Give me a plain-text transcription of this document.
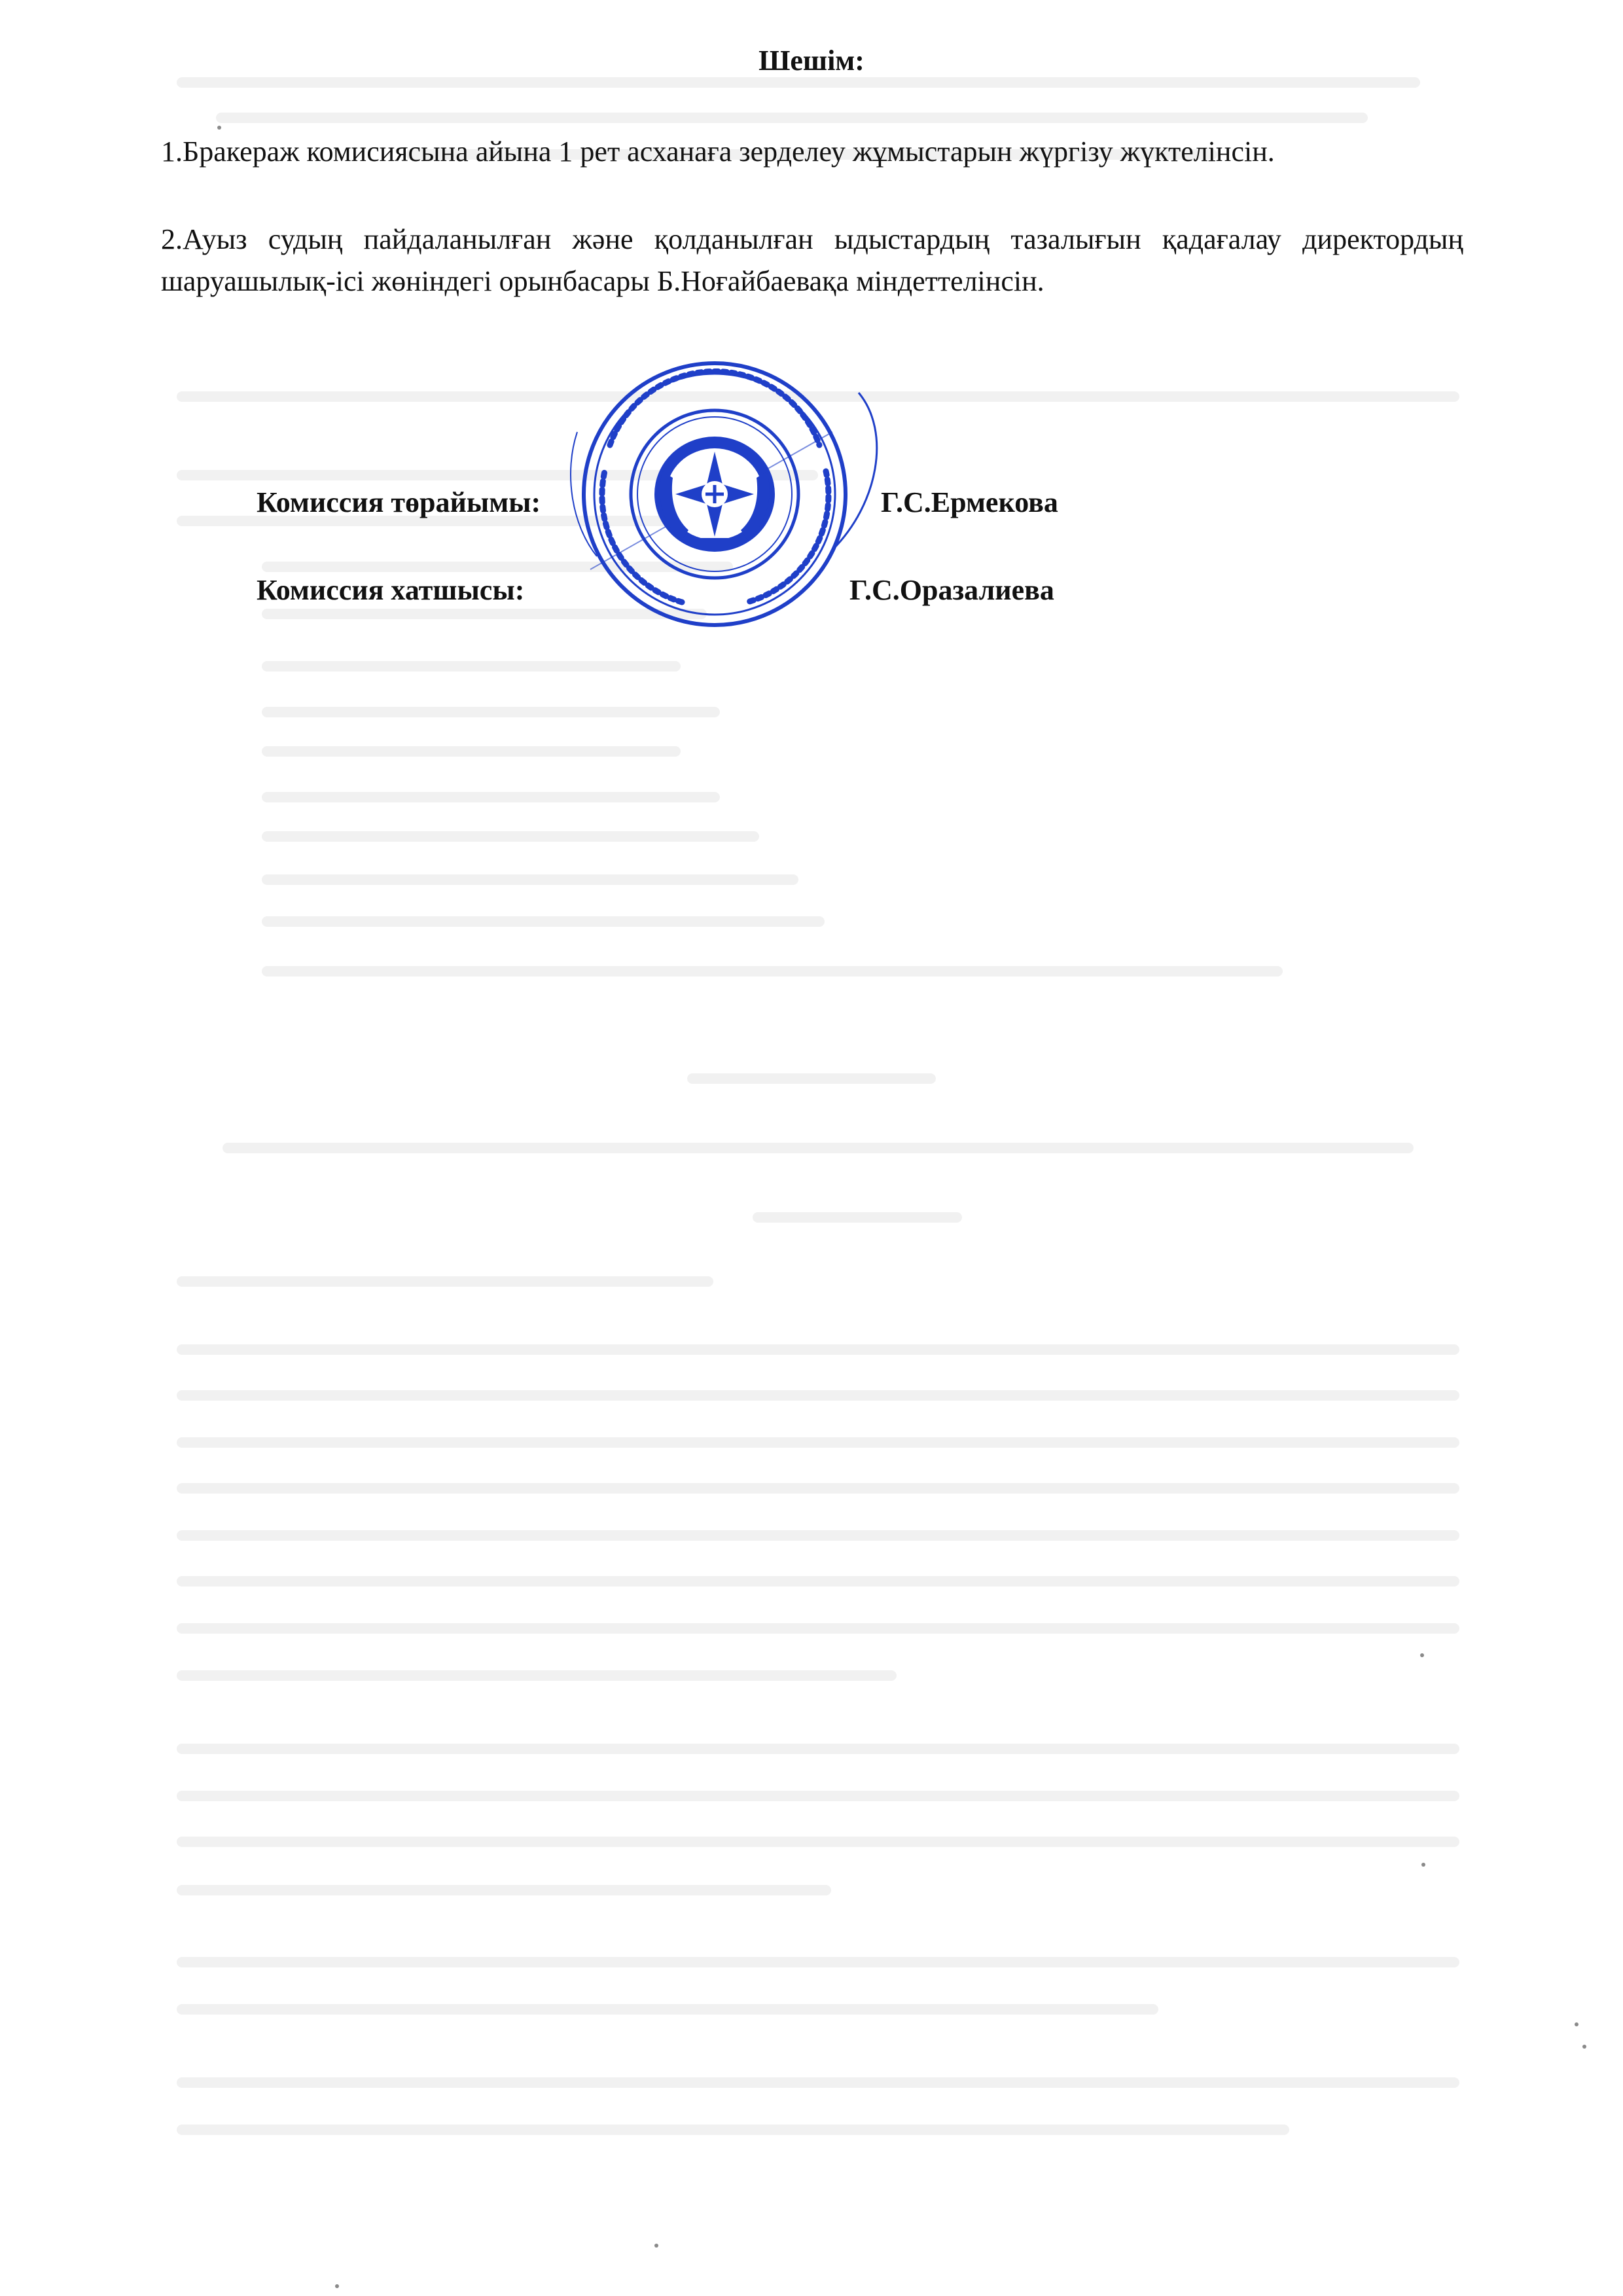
Шешім:
1.Бракераж комисиясына айына 1 рет асханаға зерделеу жұмыстарын жүргізу жүктелінсін.
2.Ауыз судың пайдаланылған және қолданылған ыдыстардың тазалығын қадағалау директордың шаруашылық-ісі жөніндегі орынбасары Б.Ноғайбаевақа міндеттелінсін.
Комиссия төрайымы:	Г.С.Ермекова
Комиссия хатшысы:	Г.С.Оразалиева
